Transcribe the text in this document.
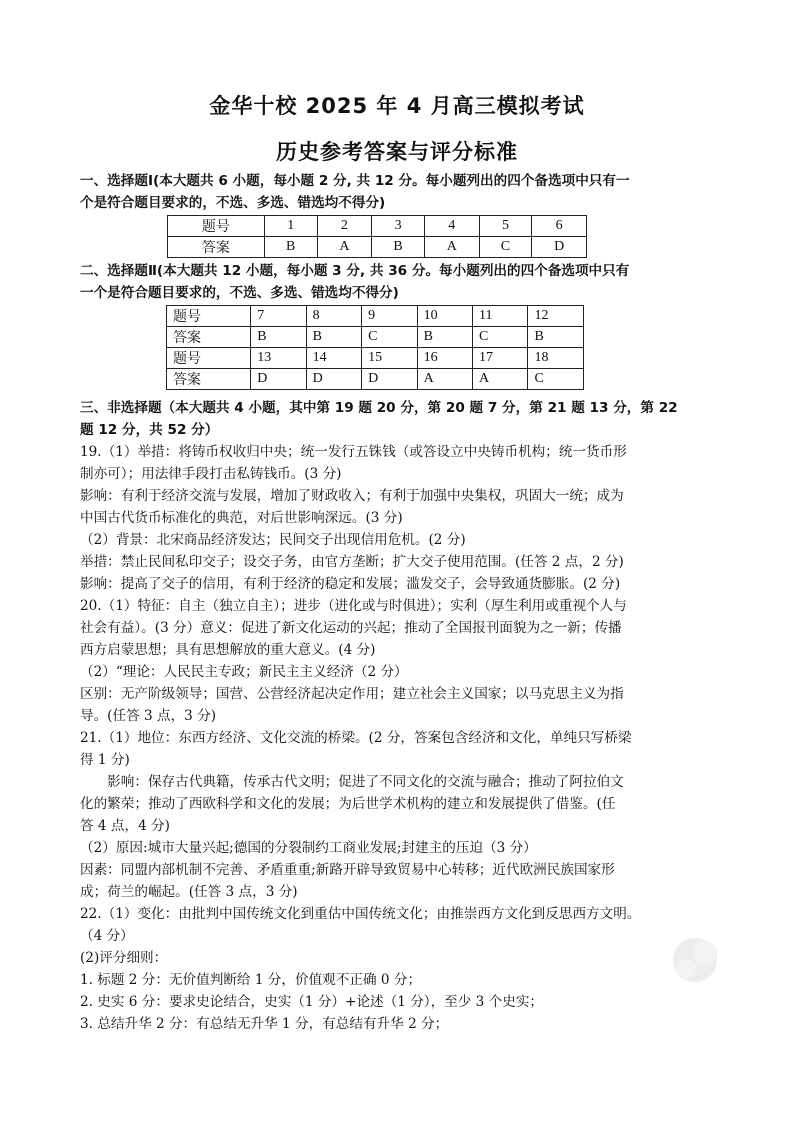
金华十校 2025 年 4 月高三模拟考试
历史参考答案与评分标准
一、选择题Ⅰ(本大题共 6 小题，每小题 2 分, 共 12 分。每小题列出的四个备选项中只有一
个是符合题目要求的，不选、多选、错选均不得分)
题号	1	2	3	4	5	6
答案	B	A	B	A	C	D
二、选择题Ⅱ(本大题共 12 小题，每小题 3 分, 共 36 分。每小题列出的四个备选项中只有
一个是符合题目要求的，不选、多选、错选均不得分)
题号	7	8	9	10	11	12
答案	B	B	C	B	C	B
题号	13	14	15	16	17	18
答案	D	D	D	A	A	C
三、非选择题（本大题共 4 小题，其中第 19 题 20 分，第 20 题 7 分，第 21 题 13 分，第 22
题 12 分，共 52 分）
19.（1）举措：将铸币权收归中央；统一发行五铢钱（或答设立中央铸币机构；统一货币形
制亦可）；用法律手段打击私铸钱币。(3 分)
影响：有利于经济交流与发展，增加了财政收入；有利于加强中央集权，巩固大一统；成为
中国古代货币标准化的典范，对后世影响深远。(3 分)
（2）背景：北宋商品经济发达；民间交子出现信用危机。(2 分)
举措：禁止民间私印交子；设交子务，由官方垄断；扩大交子使用范围。(任答 2 点，2 分)
影响：提高了交子的信用，有利于经济的稳定和发展；滥发交子，会导致通货膨胀。(2 分)
20.（1）特征：自主（独立自主）；进步（进化或与时俱进）；实利（厚生利用或重视个人与
社会有益）。(3 分）意义：促进了新文化运动的兴起；推动了全国报刊面貌为之一新；传播
西方启蒙思想；具有思想解放的重大意义。(4 分)
（2）“理论：人民民主专政；新民主主义经济（2 分）
区别：无产阶级领导；国营、公营经济起决定作用；建立社会主义国家；以马克思主义为指
导。(任答 3 点，3 分)
21.（1）地位：东西方经济、文化交流的桥梁。(2 分，答案包含经济和文化，单纯只写桥梁
得 1 分)
　　影响：保存古代典籍，传承古代文明；促进了不同文化的交流与融合；推动了阿拉伯文
化的繁荣；推动了西欧科学和文化的发展；为后世学术机构的建立和发展提供了借鉴。(任
答 4 点，4 分)
（2）原因:城市大量兴起;德国的分裂制约工商业发展;封建主的压迫（3 分）
因素：同盟内部机制不完善、矛盾重重;新路开辟导致贸易中心转移；近代欧洲民族国家形
成；荷兰的崛起。(任答 3 点，3 分)
22.（1）变化：由批判中国传统文化到重估中国传统文化；由推崇西方文化到反思西方文明。
（4 分）
(2)评分细则：
1. 标题 2 分：无价值判断给 1 分，价值观不正确 0 分；
2. 史实 6 分：要求史论结合，史实（1 分）+论述（1 分），至少 3 个史实；
3. 总结升华 2 分：有总结无升华 1 分，有总结有升华 2 分；
